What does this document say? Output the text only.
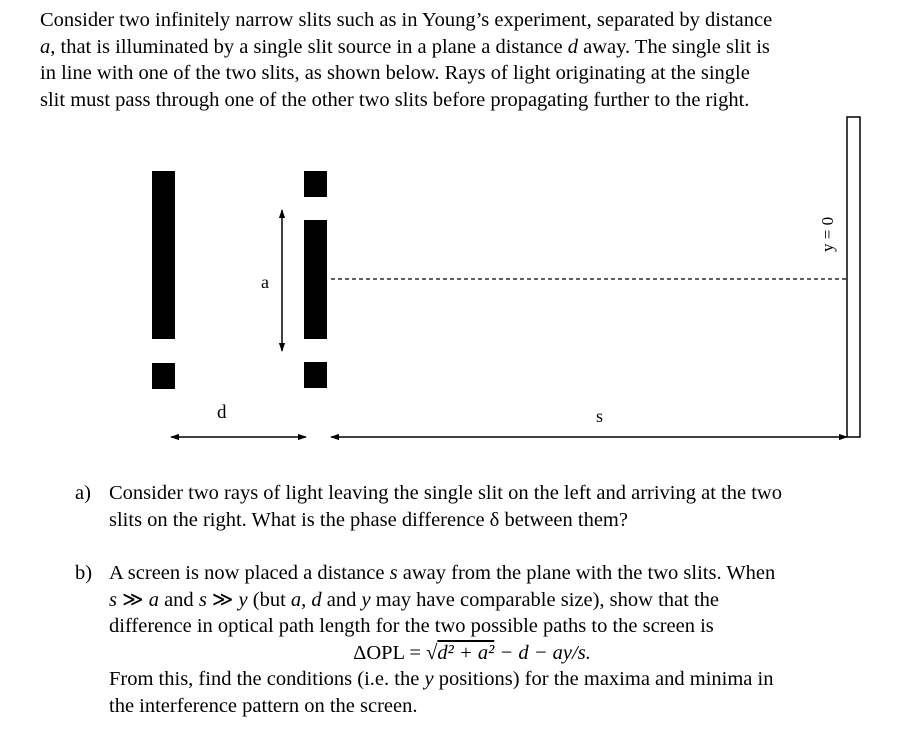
Consider two infinitely narrow slits such as in Young’s experiment, separated by distance

a, that is illuminated by a single slit source in a plane a distance d away. The single slit is

in line with one of the two slits, as shown below. Rays of light originating at the single

slit must pass through one of the other two slits before propagating further to the right.

a
d	s
y = 0
a) Consider two rays of light leaving the single slit on the left and arriving at the two

slits on the right. What is the phase difference δ between them?

b) A screen is now placed a distance s away from the plane with the two slits. When

s ≫ a and s ≫ y (but a, d and y may have comparable size), show that the

difference in optical path length for the two possible paths to the screen is

ΔOPL = √d² + a² − d − ay/s.

From this, find the conditions (i.e. the y positions) for the maxima and minima in

the interference pattern on the screen.
